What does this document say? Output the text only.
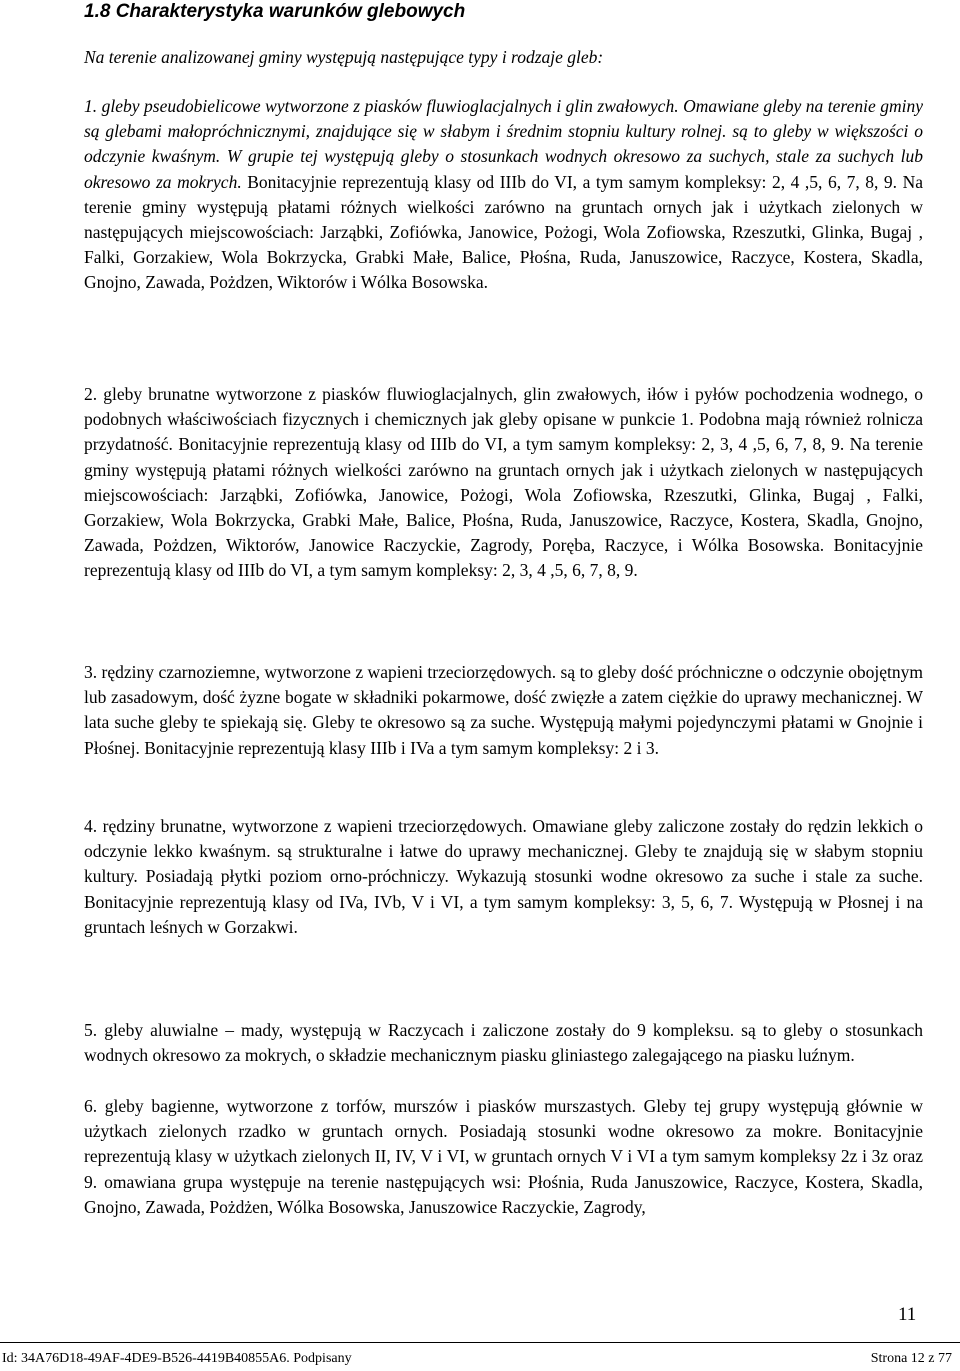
1.8 Charakterystyka warunków glebowych

Na terenie analizowanej gminy występują następujące typy i rodzaje gleb:

1. gleby pseudobielicowe wytworzone z piasków fluwioglacjalnych i glin zwałowych. Omawiane gleby na terenie gminy są glebami małopróchnicznymi, znajdujące się w słabym i średnim stopniu kultury rolnej. są to gleby w większości o odczynie kwaśnym. W grupie tej występują gleby o stosunkach wodnych okresowo za suchych, stale za suchych lub okresowo za mokrych. Bonitacyjnie reprezentują klasy od IIIb do VI, a tym samym kompleksy: 2, 4 ,5, 6, 7, 8, 9. Na terenie gminy występują płatami różnych wielkości zarówno na gruntach ornych jak i użytkach zielonych w następujących miejscowościach: Jarząbki, Zofiówka, Janowice, Pożogi, Wola Zofiowska, Rzeszutki, Glinka, Bugaj , Falki, Gorzakiew, Wola Bokrzycka, Grabki Małe, Balice, Płośna, Ruda, Januszowice, Raczyce, Kostera, Skadla, Gnojno, Zawada, Pożdzen, Wiktorów i Wólka Bosowska.

2. gleby brunatne wytworzone z piasków fluwioglacjalnych, glin zwałowych, iłów i pyłów pochodzenia wodnego, o podobnych właściwościach fizycznych i chemicznych jak gleby opisane w punkcie 1. Podobna mają również rolnicza przydatność. Bonitacyjnie reprezentują klasy od IIIb do VI, a tym samym kompleksy: 2, 3, 4 ,5, 6, 7, 8, 9. Na terenie gminy występują płatami różnych wielkości zarówno na gruntach ornych jak i użytkach zielonych w następujących miejscowościach: Jarząbki, Zofiówka, Janowice, Pożogi, Wola Zofiowska, Rzeszutki, Glinka, Bugaj , Falki, Gorzakiew, Wola Bokrzycka, Grabki Małe, Balice, Płośna, Ruda, Januszowice, Raczyce, Kostera, Skadla, Gnojno, Zawada, Pożdzen, Wiktorów, Janowice Raczyckie, Zagrody, Poręba, Raczyce, i Wólka Bosowska. Bonitacyjnie reprezentują klasy od IIIb do VI, a tym samym kompleksy: 2, 3, 4 ,5, 6, 7, 8, 9.

3. rędziny czarnoziemne, wytworzone z wapieni trzeciorzędowych. są to gleby dość próchniczne o odczynie obojętnym lub zasadowym, dość żyzne bogate w składniki pokarmowe, dość zwięzłe a zatem ciężkie do uprawy mechanicznej. W lata suche gleby te spiekają się. Gleby te okresowo są za suche. Występują małymi pojedynczymi płatami w Gnojnie i Płośnej. Bonitacyjnie reprezentują klasy IIIb i IVa a tym samym kompleksy: 2 i 3.

4. rędziny brunatne, wytworzone z wapieni trzeciorzędowych. Omawiane gleby zaliczone zostały do rędzin lekkich o odczynie lekko kwaśnym. są strukturalne i łatwe do uprawy mechanicznej. Gleby te znajdują się w słabym stopniu kultury. Posiadają płytki poziom orno-próchniczy. Wykazują stosunki wodne okresowo za suche i stale za suche. Bonitacyjnie reprezentują klasy od IVa, IVb, V i VI, a tym samym kompleksy: 3, 5, 6, 7. Występują w Płosnej i na gruntach leśnych w Gorzakwi.

5. gleby aluwialne – mady, występują w Raczycach i zaliczone zostały do 9 kompleksu. są to gleby o stosunkach wodnych okresowo za mokrych, o składzie mechanicznym piasku gliniastego zalegającego na piasku luźnym.

6. gleby bagienne, wytworzone z torfów, murszów i piasków murszastych. Gleby tej grupy występują głównie w użytkach zielonych rzadko w gruntach ornych. Posiadają stosunki wodne okresowo za mokre. Bonitacyjnie reprezentują klasy w użytkach zielonych II, IV, V i VI, w gruntach ornych V i VI a tym samym kompleksy 2z i 3z oraz 9. omawiana grupa występuje na terenie następujących wsi: Płośnia, Ruda Januszowice, Raczyce, Kostera, Skadla, Gnojno, Zawada, Pożdżen, Wólka Bosowska, Januszowice Raczyckie, Zagrody,

11
Id: 34A76D18-49AF-4DE9-B526-4419B40855A6. Podpisany	Strona 12 z 77
